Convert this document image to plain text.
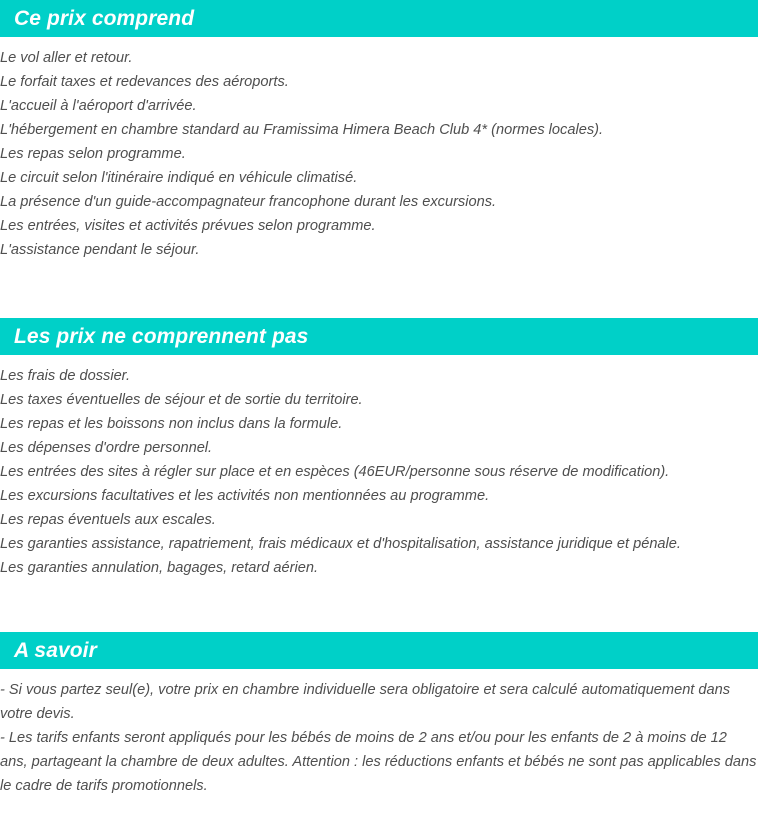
Ce prix comprend

Le vol aller et retour.

Le forfait taxes et redevances des aéroports.

L'accueil à l'aéroport d'arrivée.

L'hébergement en chambre standard au Framissima Himera Beach Club 4* (normes locales).

Les repas selon programme.

Le circuit selon l'itinéraire indiqué en véhicule climatisé.

La présence d'un guide-accompagnateur francophone durant les excursions.

Les entrées, visites et activités prévues selon programme.

L'assistance pendant le séjour.

Les prix ne comprennent pas

Les frais de dossier.

Les taxes éventuelles de séjour et de sortie du territoire.

Les repas et les boissons non inclus dans la formule.

Les dépenses d'ordre personnel.

Les entrées des sites à régler sur place et en espèces (46EUR/personne sous réserve de modification).

Les excursions facultatives et les activités non mentionnées au programme.

Les repas éventuels aux escales.

Les garanties assistance, rapatriement, frais médicaux et d'hospitalisation, assistance juridique et pénale.

Les garanties annulation, bagages, retard aérien.

A savoir

- Si vous partez seul(e), votre prix en chambre individuelle sera obligatoire et sera calculé automatiquement dans votre devis.

- Les tarifs enfants seront appliqués pour les bébés de moins de 2 ans et/ou pour les enfants de 2 à moins de 12 ans, partageant la chambre de deux adultes. Attention : les réductions enfants et bébés ne sont pas applicables dans le cadre de tarifs promotionnels.
